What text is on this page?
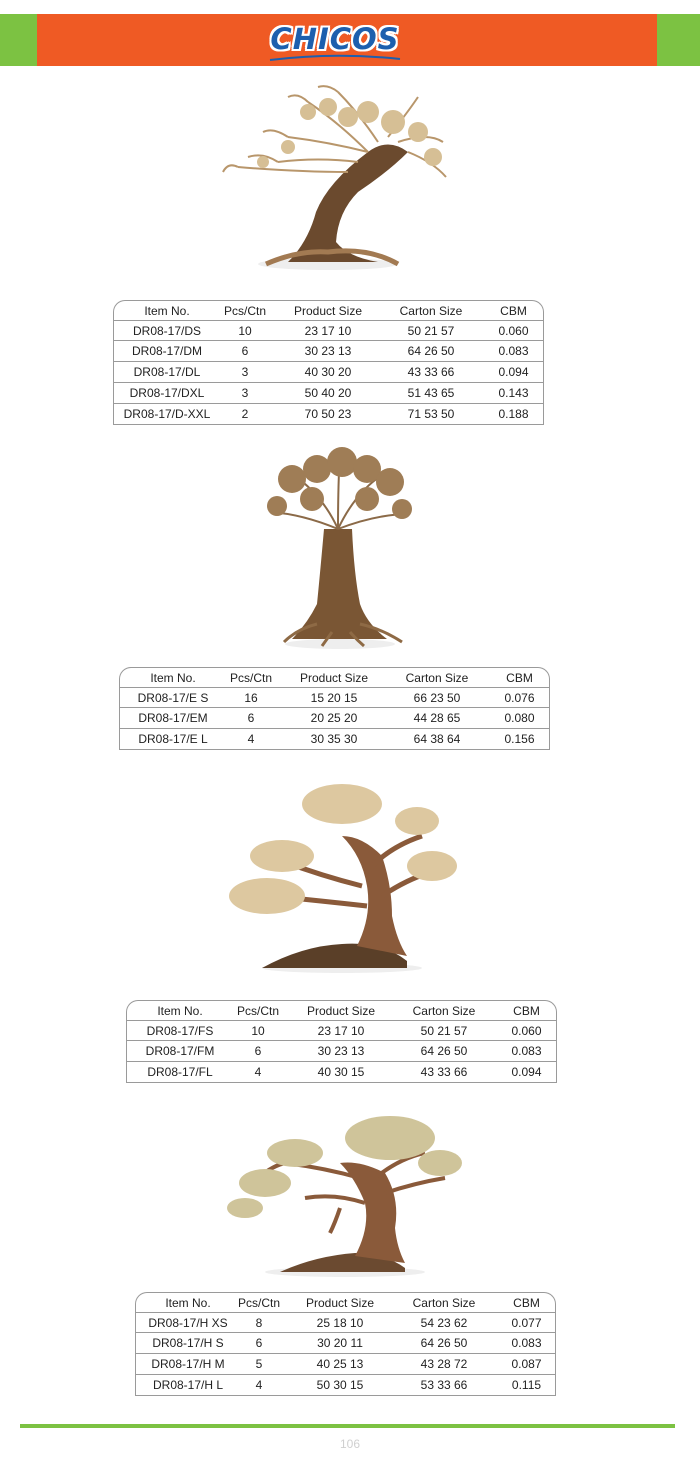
CHICOS
Item No.	Pcs/Ctn	Product Size	Carton Size	CBM
DR08-17/DS	10	23 17 10	50 21 57	0.060
DR08-17/DM	6	30 23 13	64 26 50	0.083
DR08-17/DL	3	40 30 20	43 33 66	0.094
DR08-17/DXL	3	50 40 20	51 43 65	0.143
DR08-17/D-XXL	2	70 50 23	71 53 50	0.188
Item No.	Pcs/Ctn	Product Size	Carton Size	CBM
DR08-17/E S	16	15 20 15	66 23 50	0.076
DR08-17/EM	6	20 25 20	44 28 65	0.080
DR08-17/E L	4	30 35 30	64 38 64	0.156
Item No.	Pcs/Ctn	Product Size	Carton Size	CBM
DR08-17/FS	10	23 17 10	50 21 57	0.060
DR08-17/FM	6	30 23 13	64 26 50	0.083
DR08-17/FL	4	40 30 15	43 33 66	0.094
Item No.	Pcs/Ctn	Product Size	Carton Size	CBM
DR08-17/H XS	8	25 18 10	54 23 62	0.077
DR08-17/H S	6	30 20 11	64 26 50	0.083
DR08-17/H M	5	40 25 13	43 28 72	0.087
DR08-17/H L	4	50 30 15	53 33 66	0.115
106
